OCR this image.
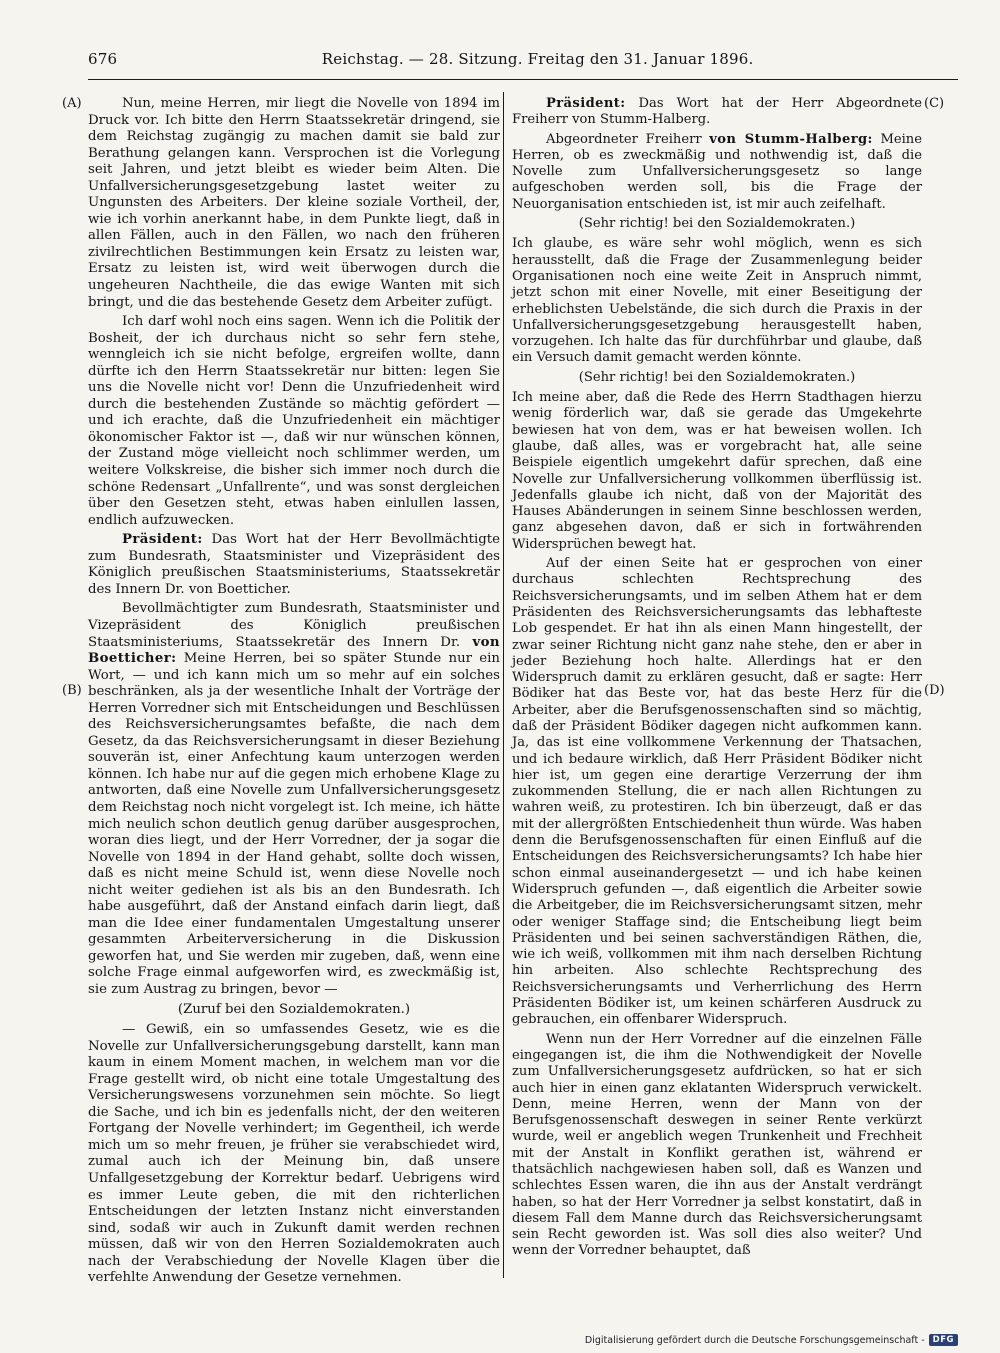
676	Reichstag. — 28. Sitzung. Freitag den 31. Januar 1896.
(A)
(B)
(C)
(D)

Nun, meine Herren, mir liegt die Novelle von 1894 im Druck vor. Ich bitte den Herrn Staatssekretär dringend, sie dem Reichstag zugängig zu machen damit sie bald zur Berathung gelangen kann. Versprochen ist die Vorlegung seit Jahren, und jetzt bleibt es wieder beim Alten. Die Unfallversicherungsgesetzgebung lastet weiter zu Ungunsten des Arbeiters. Der kleine soziale Vortheil, der, wie ich vorhin anerkannt habe, in dem Punkte liegt, daß in allen Fällen, auch in den Fällen, wo nach den früheren zivilrechtlichen Bestimmungen kein Ersatz zu leisten war, Ersatz zu leisten ist, wird weit überwogen durch die ungeheuren Nachtheile, die das ewige Wanten mit sich bringt, und die das bestehende Gesetz dem Arbeiter zufügt.

Ich darf wohl noch eins sagen. Wenn ich die Politik der Bosheit, der ich durchaus nicht so sehr fern stehe, wenngleich ich sie nicht befolge, ergreifen wollte, dann dürfte ich den Herrn Staatssekretär nur bitten: legen Sie uns die Novelle nicht vor! Denn die Unzufriedenheit wird durch die bestehenden Zustände so mächtig gefördert — und ich erachte, daß die Unzufriedenheit ein mächtiger ökonomischer Faktor ist —, daß wir nur wünschen können, der Zustand möge vielleicht noch schlimmer werden, um weitere Volkskreise, die bisher sich immer noch durch die schöne Redensart „Unfallrente“, und was sonst dergleichen über den Gesetzen steht, etwas haben einlullen lassen, endlich aufzuwecken.

Präsident: Das Wort hat der Herr Bevollmächtigte zum Bundesrath, Staatsminister und Vizepräsident des Königlich preußischen Staatsministeriums, Staatssekretär des Innern Dr. von Boetticher.

Bevollmächtigter zum Bundesrath, Staatsminister und Vizepräsident des Königlich preußischen Staatsministeriums, Staatssekretär des Innern Dr. von Boetticher: Meine Herren, bei so später Stunde nur ein Wort, — und ich kann mich um so mehr auf ein solches beschränken, als ja der wesentliche Inhalt der Vorträge der Herren Vorredner sich mit Entscheidungen und Beschlüssen des Reichsversicherungsamtes befaßte, die nach dem Gesetz, da das Reichsversicherungsamt in dieser Beziehung souverän ist, einer Anfechtung kaum unterzogen werden können. Ich habe nur auf die gegen mich erhobene Klage zu antworten, daß eine Novelle zum Unfallversicherungsgesetz dem Reichstag noch nicht vorgelegt ist. Ich meine, ich hätte mich neulich schon deutlich genug darüber ausgesprochen, woran dies liegt, und der Herr Vorredner, der ja sogar die Novelle von 1894 in der Hand gehabt, sollte doch wissen, daß es nicht meine Schuld ist, wenn diese Novelle noch nicht weiter gediehen ist als bis an den Bundesrath. Ich habe ausgeführt, daß der Anstand einfach darin liegt, daß man die Idee einer fundamentalen Umgestaltung unserer gesammten Arbeiterversicherung in die Diskussion geworfen hat, und Sie werden mir zugeben, daß, wenn eine solche Frage einmal aufgeworfen wird, es zweckmäßig ist, sie zum Austrag zu bringen, bevor —

(Zuruf bei den Sozialdemokraten.)

— Gewiß, ein so umfassendes Gesetz, wie es die Novelle zur Unfallversicherungsgebung darstellt, kann man kaum in einem Moment machen, in welchem man vor die Frage gestellt wird, ob nicht eine totale Umgestaltung des Versicherungswesens vorzunehmen sein möchte. So liegt die Sache, und ich bin es jedenfalls nicht, der den weiteren Fortgang der Novelle verhindert; im Gegentheil, ich werde mich um so mehr freuen, je früher sie verabschiedet wird, zumal auch ich der Meinung bin, daß unsere Unfallgesetzgebung der Korrektur bedarf. Uebrigens wird es immer Leute geben, die mit den richterlichen Entscheidungen der letzten Instanz nicht einverstanden sind, sodaß wir auch in Zukunft damit werden rechnen müssen, daß wir von den Herren Sozialdemokraten auch nach der Verabschiedung der Novelle Klagen über die verfehlte Anwendung der Gesetze vernehmen.

Präsident: Das Wort hat der Herr Abgeordnete Freiherr von Stumm-Halberg.

Abgeordneter Freiherr von Stumm-Halberg: Meine Herren, ob es zweckmäßig und nothwendig ist, daß die Novelle zum Unfallversicherungsgesetz so lange aufgeschoben werden soll, bis die Frage der Neuorganisation entschieden ist, ist mir auch zeifelhaft.

(Sehr richtig! bei den Sozialdemokraten.)

Ich glaube, es wäre sehr wohl möglich, wenn es sich herausstellt, daß die Frage der Zusammenlegung beider Organisationen noch eine weite Zeit in Anspruch nimmt, jetzt schon mit einer Novelle, mit einer Beseitigung der erheblichsten Uebelstände, die sich durch die Praxis in der Unfallversicherungsgesetzgebung herausgestellt haben, vorzugehen. Ich halte das für durchführbar und glaube, daß ein Versuch damit gemacht werden könnte.

(Sehr richtig! bei den Sozialdemokraten.)

Ich meine aber, daß die Rede des Herrn Stadthagen hierzu wenig förderlich war, daß sie gerade das Umgekehrte bewiesen hat von dem, was er hat beweisen wollen. Ich glaube, daß alles, was er vorgebracht hat, alle seine Beispiele eigentlich umgekehrt dafür sprechen, daß eine Novelle zur Unfallversicherung vollkommen überflüssig ist. Jedenfalls glaube ich nicht, daß von der Majorität des Hauses Abänderungen in seinem Sinne beschlossen werden, ganz abgesehen davon, daß er sich in fortwährenden Widersprüchen bewegt hat.

Auf der einen Seite hat er gesprochen von einer durchaus schlechten Rechtsprechung des Reichsversicherungsamts, und im selben Athem hat er dem Präsidenten des Reichsversicherungsamts das lebhafteste Lob gespendet. Er hat ihn als einen Mann hingestellt, der zwar seiner Richtung nicht ganz nahe stehe, den er aber in jeder Beziehung hoch halte. Allerdings hat er den Widerspruch damit zu erklären gesucht, daß er sagte: Herr Bödiker hat das Beste vor, hat das beste Herz für die Arbeiter, aber die Berufsgenossenschaften sind so mächtig, daß der Präsident Bödiker dagegen nicht aufkommen kann. Ja, das ist eine vollkommene Verkennung der Thatsachen, und ich bedaure wirklich, daß Herr Präsident Bödiker nicht hier ist, um gegen eine derartige Verzerrung der ihm zukommenden Stellung, die er nach allen Richtungen zu wahren weiß, zu protestiren. Ich bin überzeugt, daß er das mit der allergrößten Entschiedenheit thun würde. Was haben denn die Berufsgenossenschaften für einen Einfluß auf die Entscheidungen des Reichsversicherungsamts? Ich habe hier schon einmal auseinandergesetzt — und ich habe keinen Widerspruch gefunden —, daß eigentlich die Arbeiter sowie die Arbeitgeber, die im Reichsversicherungsamt sitzen, mehr oder weniger Staffage sind; die Entscheibung liegt beim Präsidenten und bei seinen sachverständigen Räthen, die, wie ich weiß, vollkommen mit ihm nach derselben Richtung hin arbeiten. Also schlechte Rechtsprechung des Reichsversicherungsamts und Verherrlichung des Herrn Präsidenten Bödiker ist, um keinen schärferen Ausdruck zu gebrauchen, ein offenbarer Widerspruch.

Wenn nun der Herr Vorredner auf die einzelnen Fälle eingegangen ist, die ihm die Nothwendigkeit der Novelle zum Unfallversicherungsgesetz aufdrücken, so hat er sich auch hier in einen ganz eklatanten Widerspruch verwickelt. Denn, meine Herren, wenn der Mann von der Berufsgenossenschaft deswegen in seiner Rente verkürzt wurde, weil er angeblich wegen Trunkenheit und Frechheit mit der Anstalt in Konflikt gerathen ist, während er thatsächlich nachgewiesen haben soll, daß es Wanzen und schlechtes Essen waren, die ihn aus der Anstalt verdrängt haben, so hat der Herr Vorredner ja selbst konstatirt, daß in diesem Fall dem Manne durch das Reichsversicherungsamt sein Recht geworden ist. Was soll dies also weiter? Und wenn der Vorredner behauptet, daß

Digitalisierung gefördert durch die Deutsche Forschungsgemeinschaft - DFG
